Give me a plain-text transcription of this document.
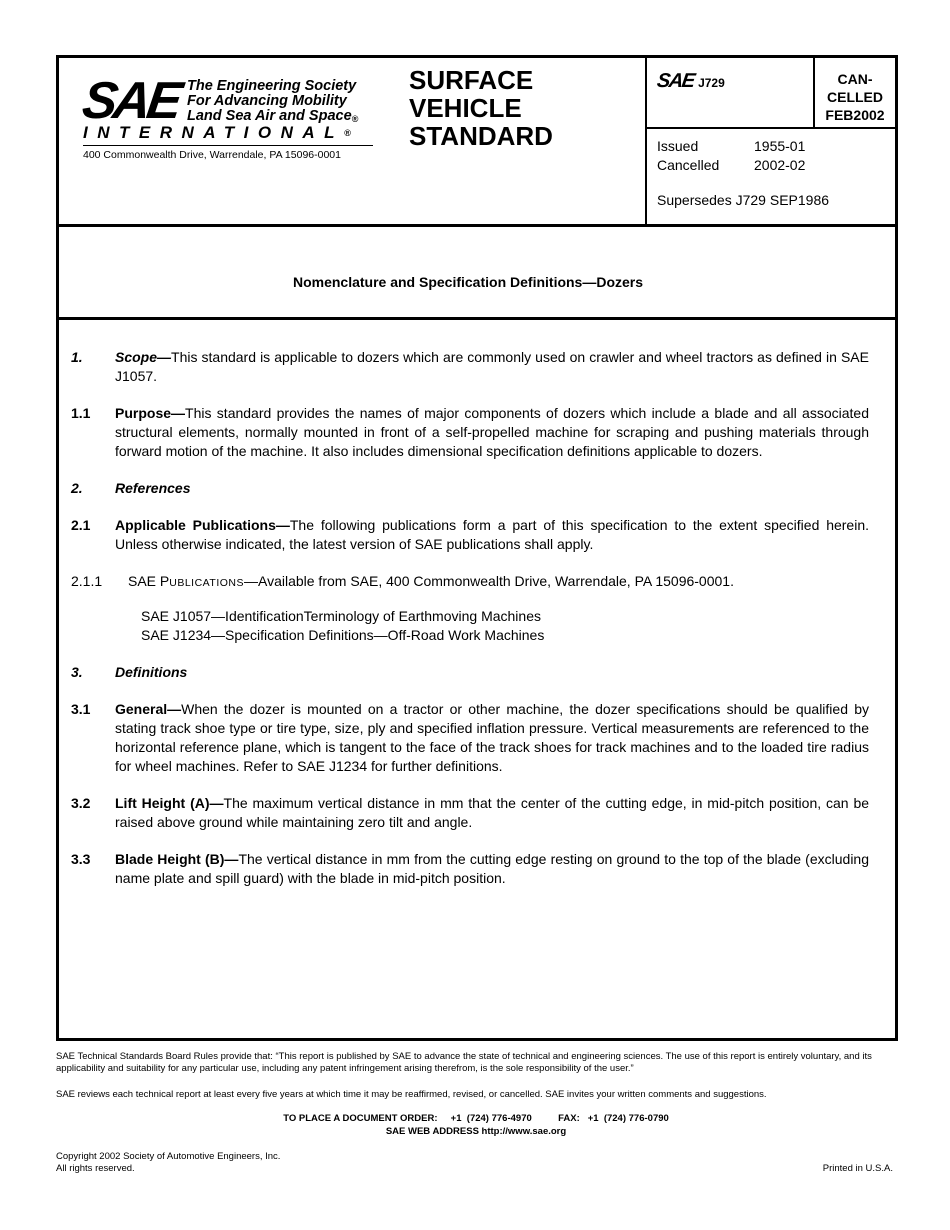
SAE The Engineering Society
For Advancing Mobility
Land Sea Air and Space®
INTERNATIONAL®
400 Commonwealth Drive, Warrendale, PA 15096-0001
SURFACE
VEHICLE
STANDARD
SAE J729	CAN-
CELLED
FEB2002
Issued	1955-01
Cancelled	2002-02
Supersedes J729 SEP1986
Nomenclature and Specification Definitions—Dozers
1. Scope—This standard is applicable to dozers which are commonly used on crawler and wheel tractors as defined in SAE J1057.
1.1 Purpose—This standard provides the names of major components of dozers which include a blade and all associated structural elements, normally mounted in front of a self-propelled machine for scraping and pushing materials through forward motion of the machine. It also includes dimensional specification definitions applicable to dozers.
2. References
2.1 Applicable Publications—The following publications form a part of this specification to the extent specified herein. Unless otherwise indicated, the latest version of SAE publications shall apply.
2.1.1 SAE PUBLICATIONS—Available from SAE, 400 Commonwealth Drive, Warrendale, PA 15096-0001.
SAE J1057—IdentificationTerminology of Earthmoving Machines
SAE J1234—Specification Definitions—Off-Road Work Machines
3. Definitions
3.1 General—When the dozer is mounted on a tractor or other machine, the dozer specifications should be qualified by stating track shoe type or tire type, size, ply and specified inflation pressure. Vertical measurements are referenced to the horizontal reference plane, which is tangent to the face of the track shoes for track machines and to the loaded tire radius for wheel machines. Refer to SAE J1234 for further definitions.
3.2 Lift Height (A)—The maximum vertical distance in mm that the center of the cutting edge, in mid-pitch position, can be raised above ground while maintaining zero tilt and angle.
3.3 Blade Height (B)—The vertical distance in mm from the cutting edge resting on ground to the top of the blade (excluding name plate and spill guard) with the blade in mid-pitch position.
SAE Technical Standards Board Rules provide that: “This report is published by SAE to advance the state of technical and engineering sciences. The use of this report is entirely voluntary, and its applicability and suitability for any particular use, including any patent infringement arising therefrom, is the sole responsibility of the user.”
SAE reviews each technical report at least every five years at which time it may be reaffirmed, revised, or cancelled. SAE invites your written comments and suggestions.
TO PLACE A DOCUMENT ORDER:     +1  (724) 776-4970          FAX:   +1  (724) 776-0790
SAE WEB ADDRESS http://www.sae.org
Copyright 2002 Society of Automotive Engineers, Inc.
All rights reserved.	Printed in U.S.A.
